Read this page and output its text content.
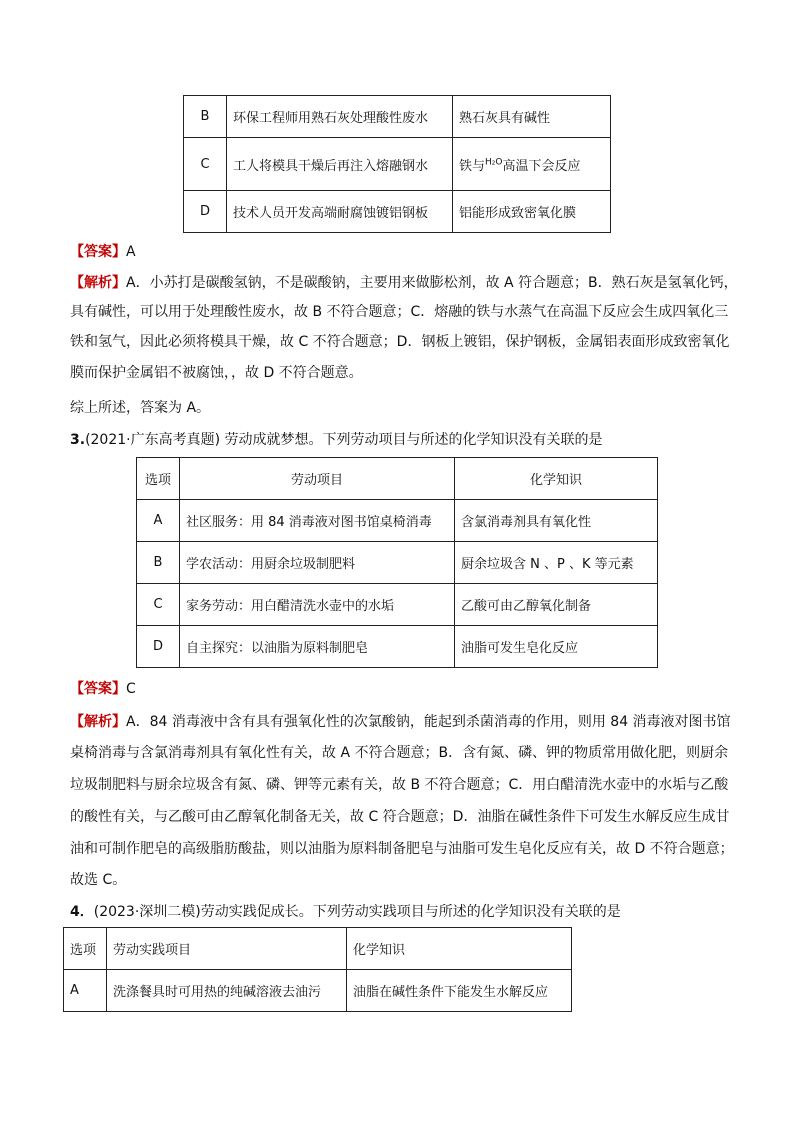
B	环保工程师用熟石灰处理酸性废水	熟石灰具有碱性
C	工人将模具干燥后再注入熔融钢水	铁与$^{H_2O}$高温下会反应
D	技术人员开发高端耐腐蚀镀铝钢板	铝能形成致密氧化膜
【答案】A
【解析】A．小苏打是碳酸氢钠，不是碳酸钠，主要用来做膨松剂，故 A 符合题意；B．熟石灰是氢氧化钙，
具有碱性，可以用于处理酸性废水，故 B 不符合题意；C．熔融的铁与水蒸气在高温下反应会生成四氧化三
铁和氢气，因此必须将模具干燥，故 C 不符合题意；D．钢板上镀铝，保护钢板，金属铝表面形成致密氧化
膜而保护金属铝不被腐蚀，，故 D 不符合题意。
综上所述，答案为 A。
3.(2021·广东高考真题) 劳动成就梦想。下列劳动项目与所述的化学知识没有关联的是
选项	劳动项目	化学知识
A	社区服务：用 84 消毒液对图书馆桌椅消毒	含氯消毒剂具有氧化性
B	学农活动：用厨余垃圾制肥料	厨余垃圾含 N 、P 、K 等元素
C	家务劳动：用白醋清洗水壶中的水垢	乙酸可由乙醇氧化制备
D	自主探究：以油脂为原料制肥皂	油脂可发生皂化反应
【答案】C
【解析】A．84 消毒液中含有具有强氧化性的次氯酸钠，能起到杀菌消毒的作用，则用 84 消毒液对图书馆
桌椅消毒与含氯消毒剂具有氧化性有关，故 A 不符合题意；B．含有氮、磷、钾的物质常用做化肥，则厨余
垃圾制肥料与厨余垃圾含有氮、磷、钾等元素有关，故 B 不符合题意；C．用白醋清洗水壶中的水垢与乙酸
的酸性有关，与乙酸可由乙醇氧化制备无关，故 C 符合题意；D．油脂在碱性条件下可发生水解反应生成甘
油和可制作肥皂的高级脂肪酸盐，则以油脂为原料制备肥皂与油脂可发生皂化反应有关，故 D 不符合题意；
故选 C。
4．(2023·深圳二模)劳动实践促成长。下列劳动实践项目与所述的化学知识没有关联的是
选项	劳动实践项目	化学知识
A	洗涤餐具时可用热的纯碱溶液去油污	油脂在碱性条件下能发生水解反应
